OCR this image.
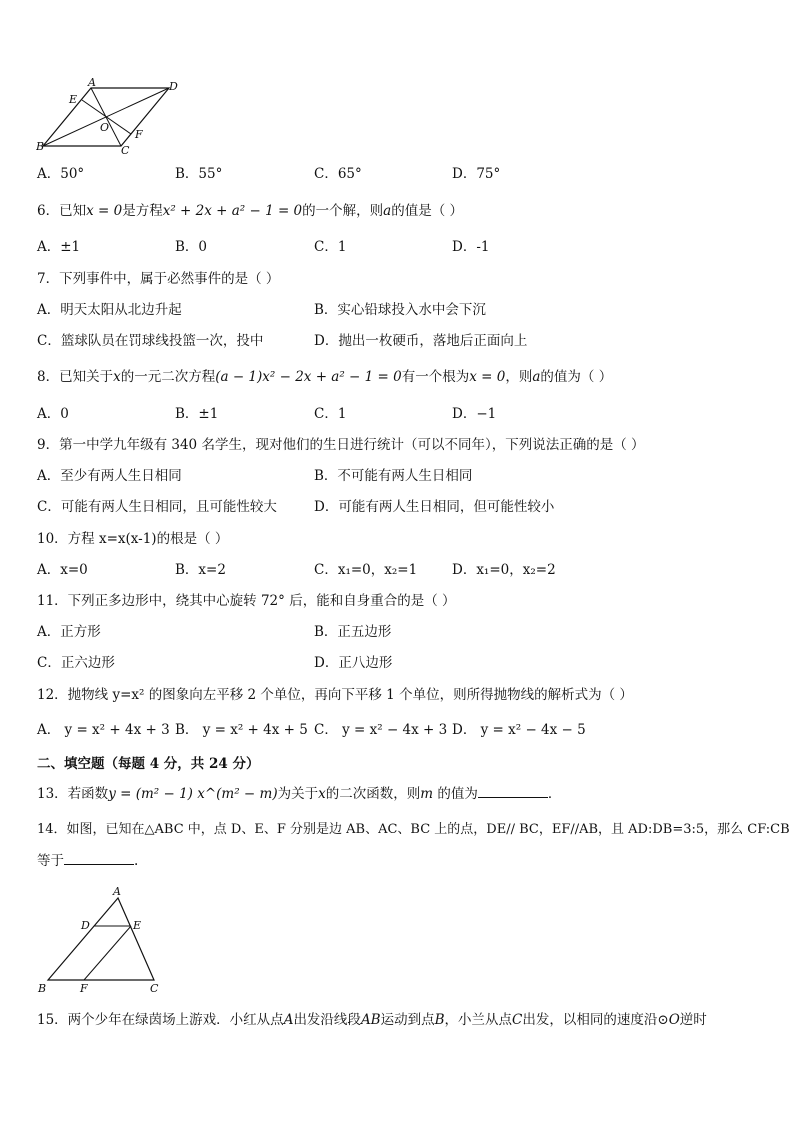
A	D
E
O
F
B	C
A．50°	B．55°	C．65°	D．75°
6．已知x = 0是方程x² + 2x + a² − 1 = 0的一个解，则a的值是（ ）
A．±1	B．0	C．1	D．-1
7．下列事件中，属于必然事件的是（ ）
A．明天太阳从北边升起	B．实心铅球投入水中会下沉
C．篮球队员在罚球线投篮一次，投中	D．抛出一枚硬币，落地后正面向上
8．已知关于x的一元二次方程(a − 1)x² − 2x + a² − 1 = 0有一个根为x = 0，则a的值为（ ）
A．0	B．±1	C．1	D．−1
9．第一中学九年级有 340 名学生，现对他们的生日进行统计（可以不同年），下列说法正确的是（ ）
A．至少有两人生日相同	B．不可能有两人生日相同
C．可能有两人生日相同，且可能性较大	D．可能有两人生日相同，但可能性较小
10．方程 x=x(x-1)的根是（ ）
A．x=0	B．x=2	C．x₁=0，x₂=1	D．x₁=0，x₂=2
11．下列正多边形中，绕其中心旋转 72° 后，能和自身重合的是（ ）
A．正方形	B．正五边形
C．正六边形	D．正八边形
12．抛物线 y=x² 的图象向左平移 2 个单位，再向下平移 1 个单位，则所得抛物线的解析式为（ ）
A． y = x² + 4x + 3 B． y = x² + 4x + 5 C． y = x² − 4x + 3 D． y = x² − 4x − 5
二、填空题（每题 4 分，共 24 分）
13．若函数y = (m² − 1) x^(m² − m)为关于x的二次函数，则m 的值为	．
14．如图，已知在△ABC 中，点 D、E、F 分别是边 AB、AC、BC 上的点，DE// BC，EF//AB，且 AD:DB=3:5，那么 CF:CB
等于	.
A
D	E
B	F	C
15．两个少年在绿茵场上游戏．小红从点A出发沿线段AB运动到点B，小兰从点C出发，以相同的速度沿⊙O逆时
